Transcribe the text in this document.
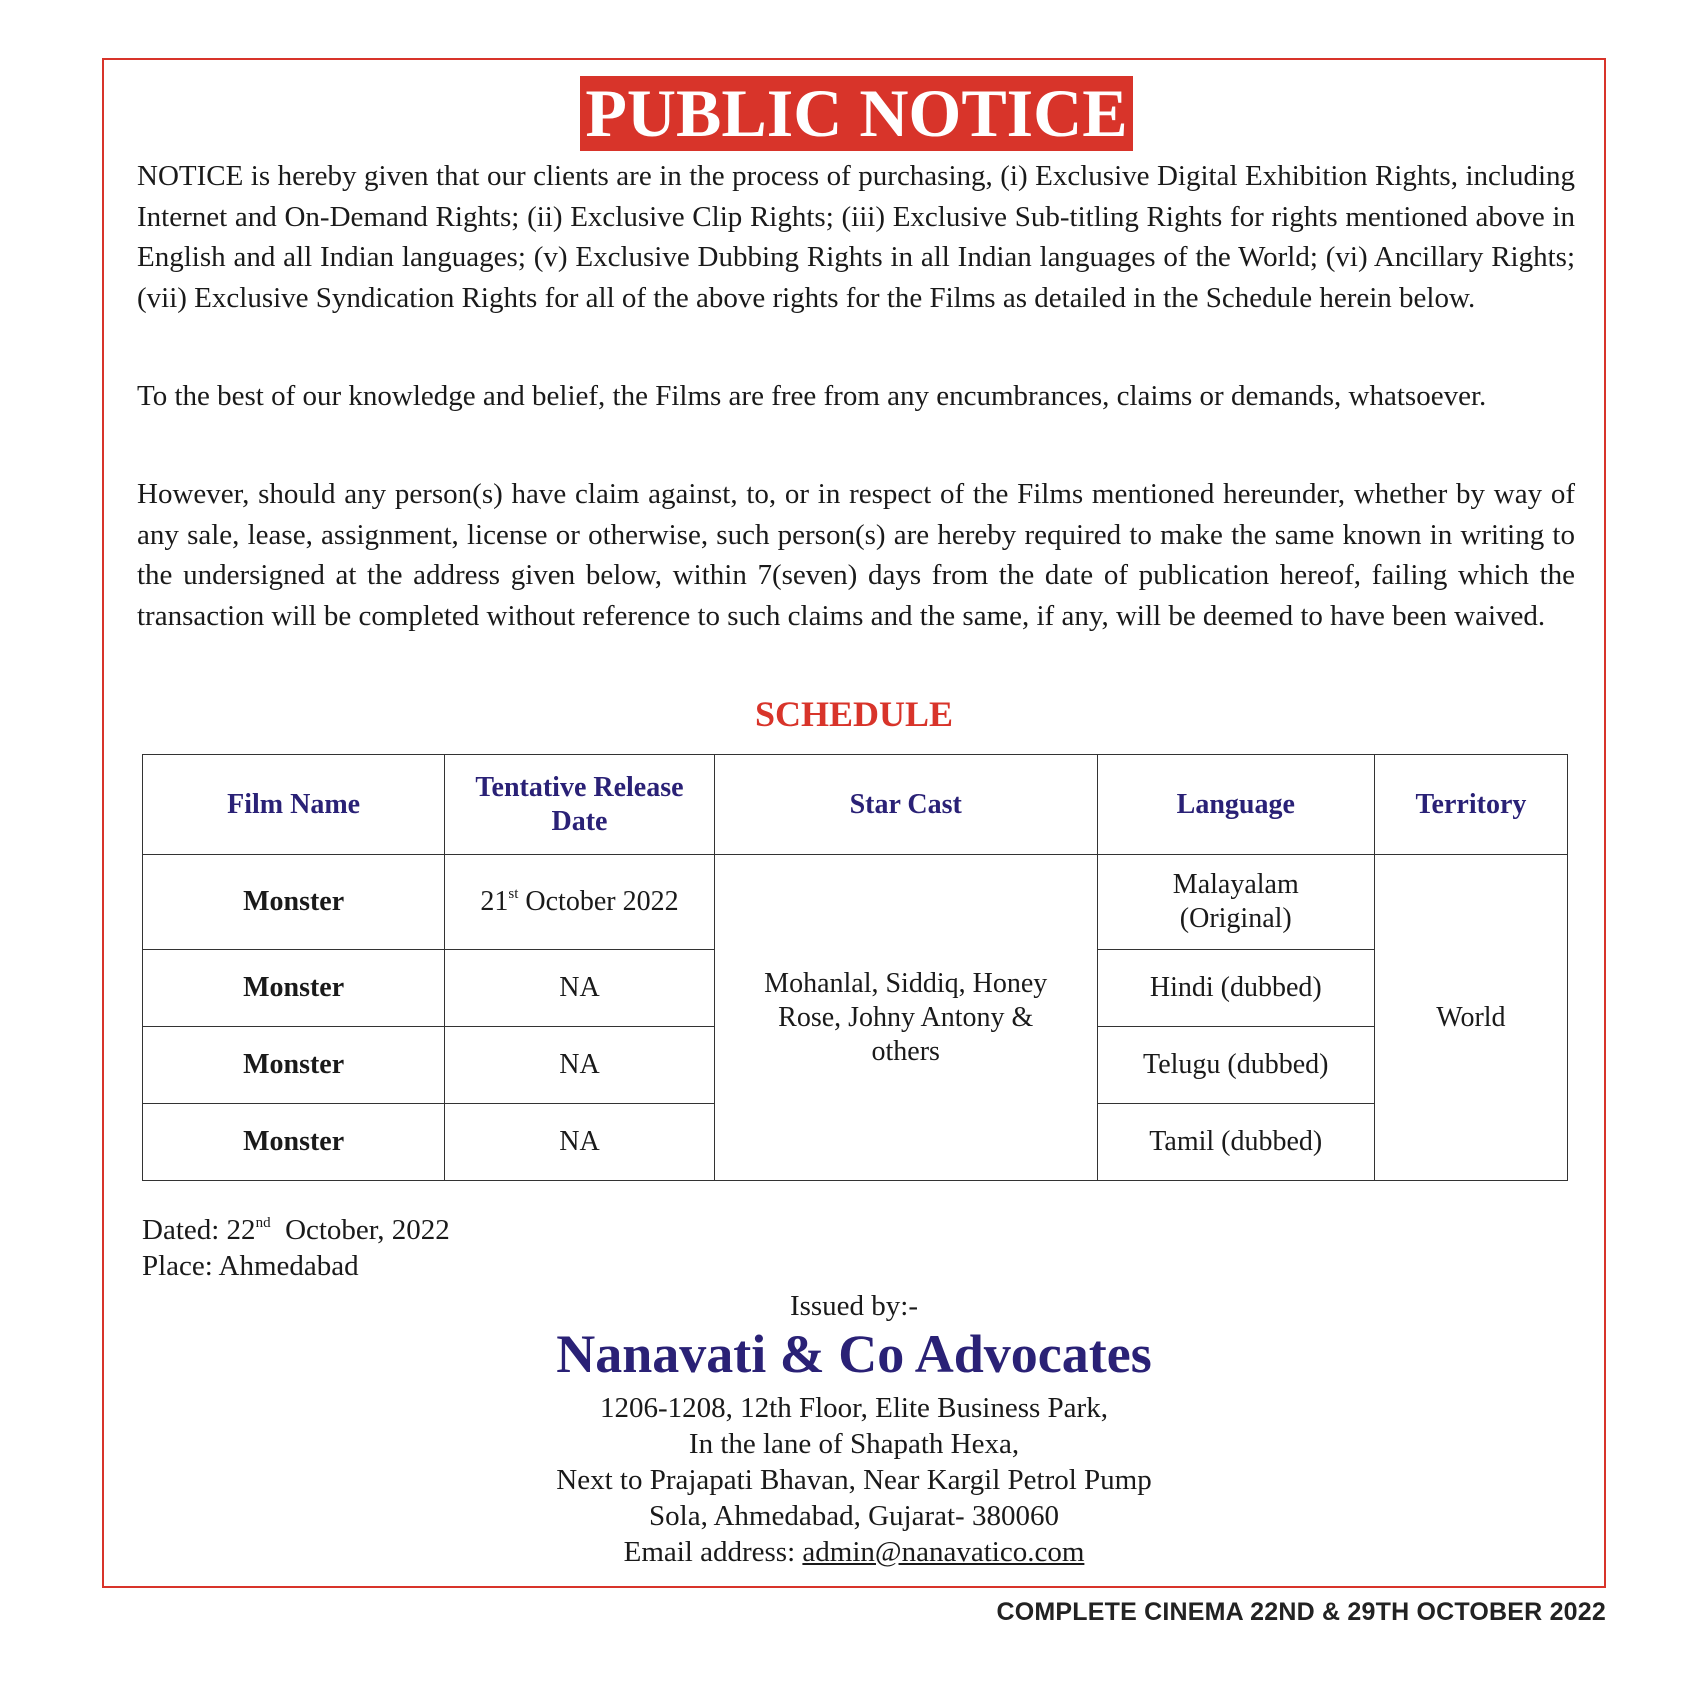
PUBLIC NOTICE

NOTICE is hereby given that our clients are in the process of purchasing, (i) Exclusive Digital Exhibition Rights, including Internet and On-Demand Rights; (ii) Exclusive Clip Rights; (iii) Exclusive Sub-titling Rights for rights mentioned above in English and all Indian languages; (v) Exclusive Dubbing Rights in all Indian languages of the World; (vi) Ancillary Rights; (vii) Exclusive Syndication Rights for all of the above rights for the Films as detailed in the Schedule herein below.

To the best of our knowledge and belief, the Films are free from any encumbrances, claims or demands, whatsoever.

However, should any person(s) have claim against, to, or in respect of the Films mentioned hereunder, whether by way of any sale, lease, assignment, license or otherwise, such person(s) are hereby required to make the same known in writing to the undersigned at the address given below, within 7(seven) days from the date of publication hereof, failing which the transaction will be completed without reference to such claims and the same, if any, will be deemed to have been waived.

SCHEDULE
Film Name	Tentative Release Date	Star Cast	Language	Territory
Monster	21st October 2022	Mohanlal, Siddiq, Honey Rose, Johny Antony & others	Malayalam (Original)	World
Monster	NA		Hindi (dubbed)	
Monster	NA		Telugu (dubbed)	
Monster	NA		Tamil (dubbed)	
Dated: 22nd  October, 2022
Place: Ahmedabad
Issued by:-
Nanavati & Co Advocates
1206-1208, 12th Floor, Elite Business Park,
In the lane of Shapath Hexa,
Next to Prajapati Bhavan, Near Kargil Petrol Pump
Sola, Ahmedabad, Gujarat- 380060
Email address: admin@nanavatico.com
COMPLETE CINEMA 22ND & 29TH OCTOBER 2022
